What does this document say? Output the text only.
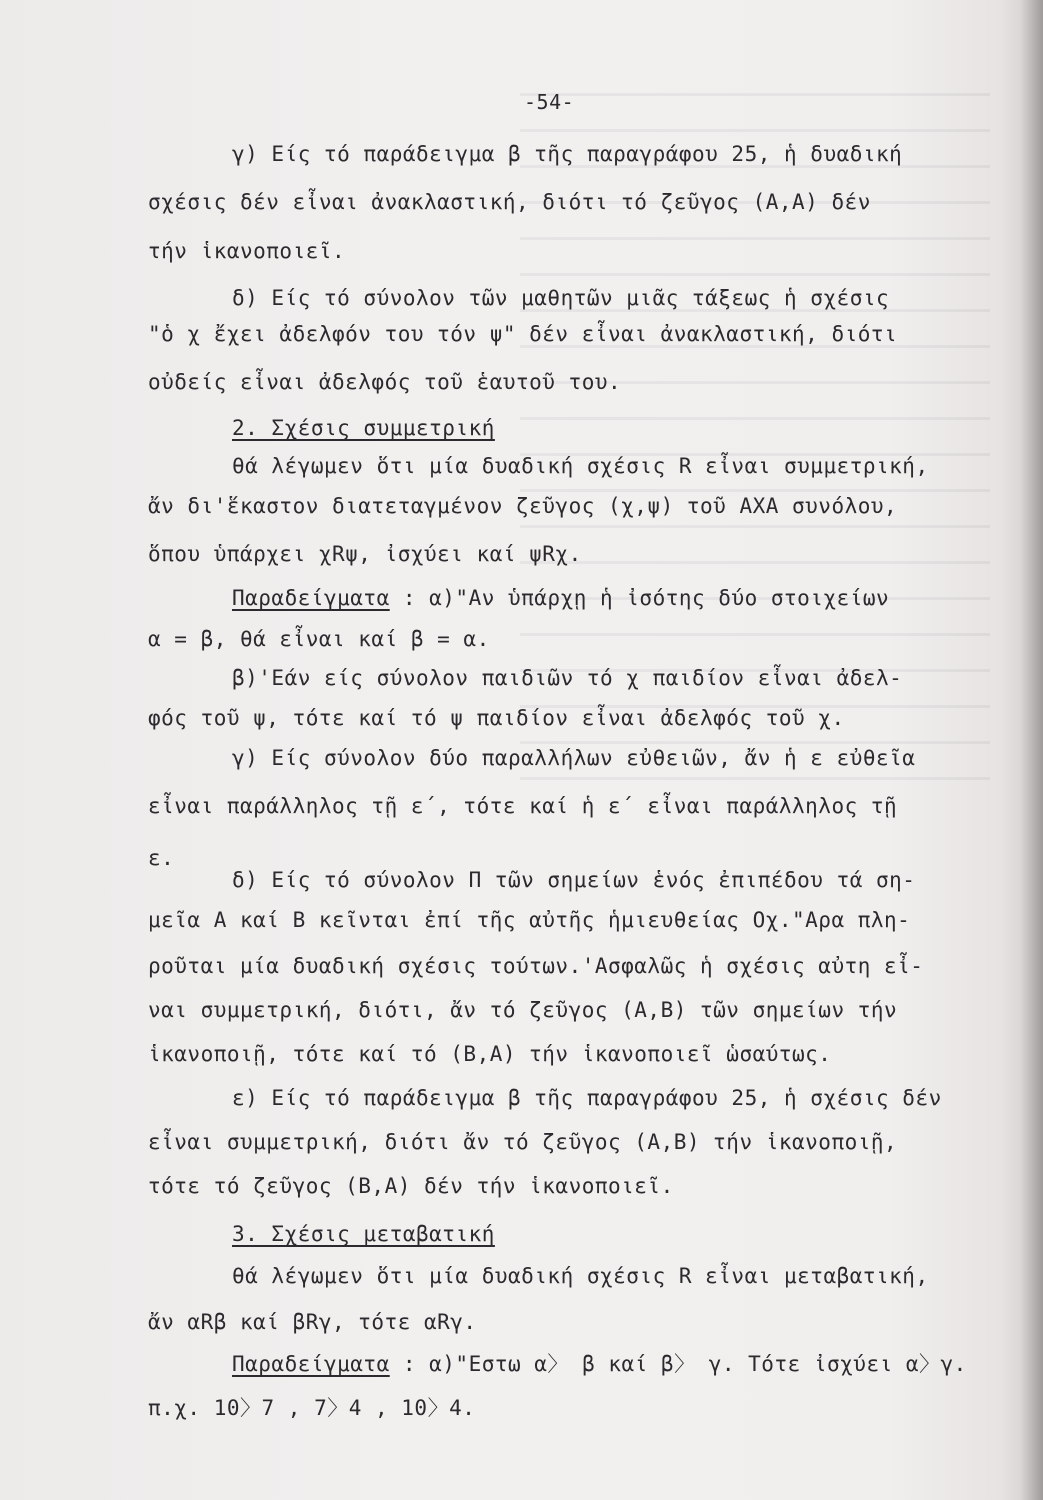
-54-
γ) Είς τό παράδειγμα β τῆς παραγράφου 25, ἡ δυαδική
σχέσις δέν εἶναι ἀνακλαστική, διότι τό ζεῦγος (Α,Α) δέν
τήν ἱκανοποιεῖ.
δ) Είς τό σύνολον τῶν μαθητῶν μιᾶς τάξεως ἡ σχέσις
"ὁ χ ἔχει ἀδελφόν του τόν ψ" δέν εἶναι ἀνακλαστική, διότι
οὐδείς εἶναι ἀδελφός τοῦ ἑαυτοῦ του.
2. Σχέσις συμμετρική
θά λέγωμεν ὅτι μία δυαδική σχέσις R εἶναι συμμετρική,
ἄν δι'ἕκαστον διατεταγμένον ζεῦγος (χ,ψ) τοῦ ΑΧΑ συνόλου,
ὅπου ὑπάρχει χRψ, ἰσχύει καί ψRχ.
Παραδείγματα : α)"Αν ὑπάρχῃ ἡ ἰσότης δύο στοιχείων
α = β, θά εἶναι καί β = α.
β)'Εάν είς σύνολον παιδιῶν τό χ παιδίον εἶναι ἀδελ-
φός τοῦ ψ, τότε καί τό ψ παιδίον εἶναι ἀδελφός τοῦ χ.
γ) Είς σύνολον δύο παραλλήλων εὐθειῶν, ἄν ἡ ε εὐθεῖα
εἶναι παράλληλος τῇ ε΄, τότε καί ἡ ε΄ εἶναι παράλληλος τῇ
ε.
δ) Είς τό σύνολον Π τῶν σημείων ἑνός ἐπιπέδου τά ση-
μεῖα Α καί Β κεῖνται ἐπί τῆς αὐτῆς ἡμιευθείας Οχ."Αρα πλη-
ροῦται μία δυαδική σχέσις τούτων.'Ασφαλῶς ἡ σχέσις αὐτη εἶ-
ναι συμμετρική, διότι, ἄν τό ζεῦγος (Α,Β) τῶν σημείων τήν
ἱκανοποιῇ, τότε καί τό (Β,Α) τήν ἱκανοποιεῖ ὡσαύτως.
ε) Είς τό παράδειγμα β τῆς παραγράφου 25, ἡ σχέσις δέν
εἶναι συμμετρική, διότι ἄν τό ζεῦγος (Α,Β) τήν ἱκανοποιῇ,
τότε τό ζεῦγος (Β,Α) δέν τήν ἱκανοποιεῖ.
3. Σχέσις μεταβατική
θά λέγωμεν ὅτι μία δυαδική σχέσις R εἶναι μεταβατική,
ἄν αRβ καί βRγ, τότε αRγ.
Παραδείγματα : α)"Εστω α〉 β καί β〉 γ. Τότε ἰσχύει α〉γ.
π.χ. 10〉7 , 7〉4 , 10〉4.
